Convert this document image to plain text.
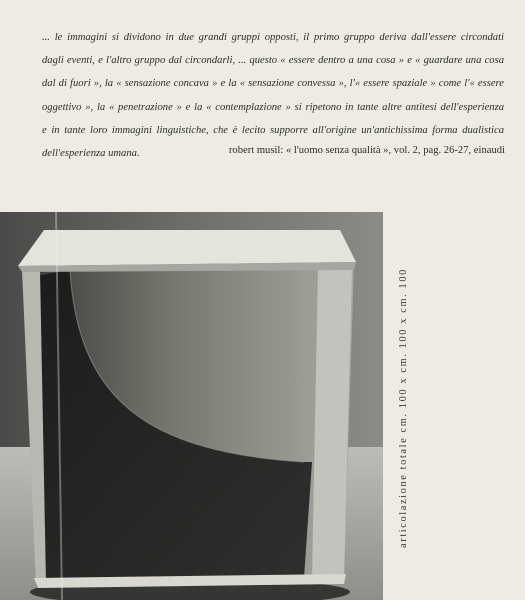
... le immagini si dividono in due grandi gruppi opposti, il primo gruppo deriva dall'essere circondati
dagli eventi, e l'altro gruppo dal circondarli, ... questo « essere dentro a una cosa » e « guardare una cosa
dal di fuori », la « sensazione concava » e la « sensazione convessa », l'« essere spaziale » come l'« essere
oggettivo », la « penetrazione » e la « contemplazione » si ripetono in tante altre antitesi dell'esperienza
e in tante loro immagini linguistiche, che è lecito supporre all'origine un'antichissima forma dualistica
dell'esperienza umana.	robert musil: « l'uomo senza qualità », vol. 2, pag. 26-27, einaudi
articolazione totale cm. 100 x cm. 100 x cm. 100
